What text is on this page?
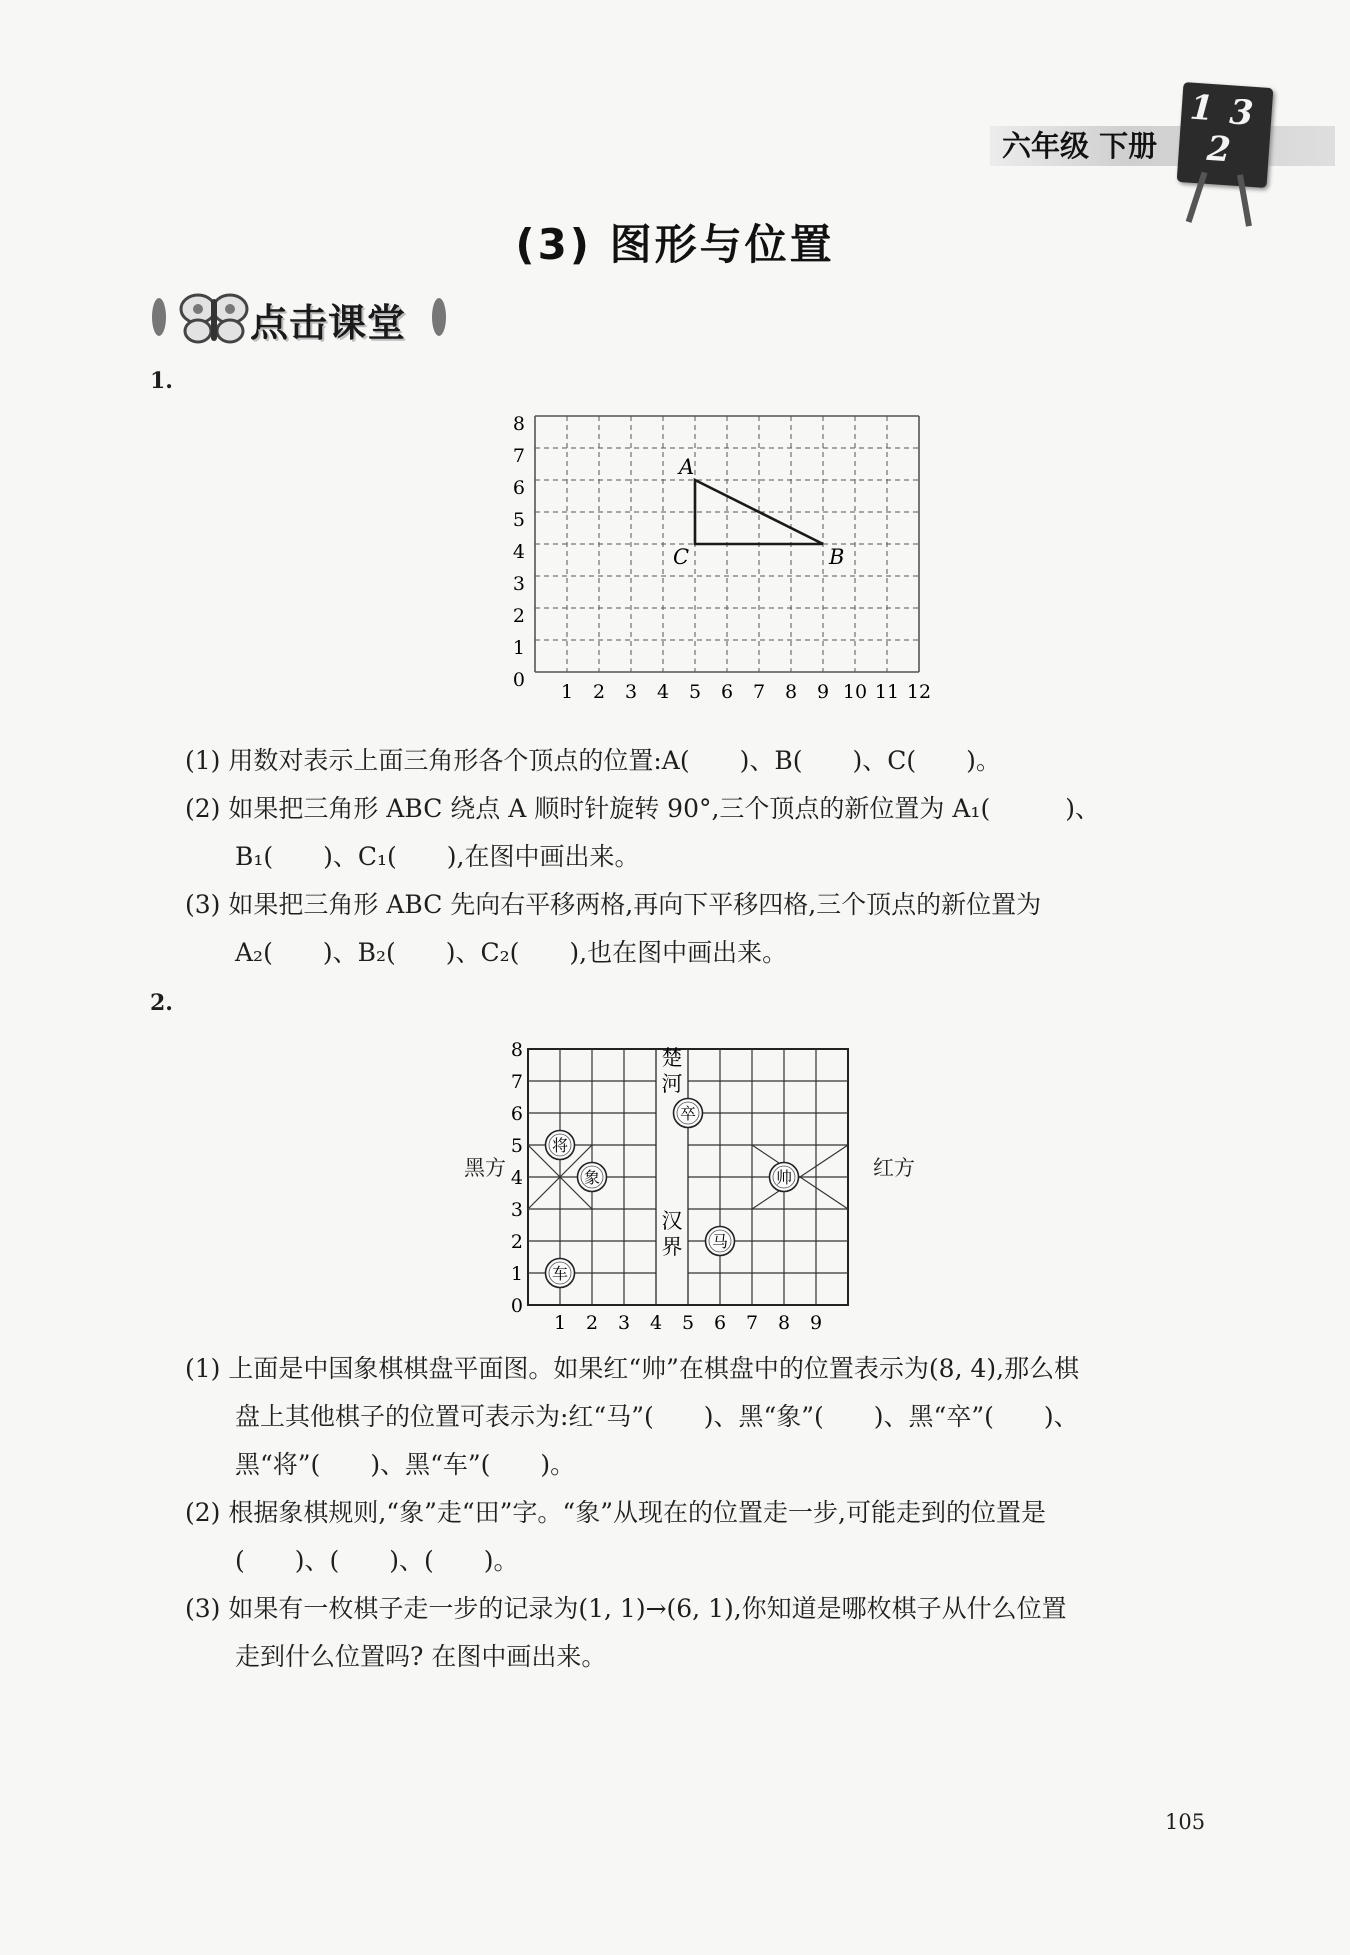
六年级 下册
1 3
2
(3) 图形与位置
点击课堂
1.
1 2 3 4 5 6 7 8 9 10 11 12
0
1
2
3
4
5
6
7
8
A
B
C
(1) 用数对表示上面三角形各个顶点的位置:A(　　)、B(　　)、C(　　)。
(2) 如果把三角形 ABC 绕点 A 顺时针旋转 90°,三个顶点的新位置为 A₁(　　　)、
B₁(　　)、C₁(　　),在图中画出来。
(3) 如果把三角形 ABC 先向右平移两格,再向下平移四格,三个顶点的新位置为
A₂(　　)、B₂(　　)、C₂(　　),也在图中画出来。
2.
楚
河
汉
界
1 2 3 4 5 6 7 8 9
0
1
2
3
4
5
6
7
8
将
象
车
卒
马
帅
黑方	红方
(1) 上面是中国象棋棋盘平面图。如果红“帅”在棋盘中的位置表示为(8, 4),那么棋
盘上其他棋子的位置可表示为:红“马”(　　)、黑“象”(　　)、黑“卒”(　　)、
黑“将”(　　)、黑“车”(　　)。
(2) 根据象棋规则,“象”走“田”字。“象”从现在的位置走一步,可能走到的位置是
(　　)、(　　)、(　　)。
(3) 如果有一枚棋子走一步的记录为(1, 1)→(6, 1),你知道是哪枚棋子从什么位置
走到什么位置吗? 在图中画出来。
105
